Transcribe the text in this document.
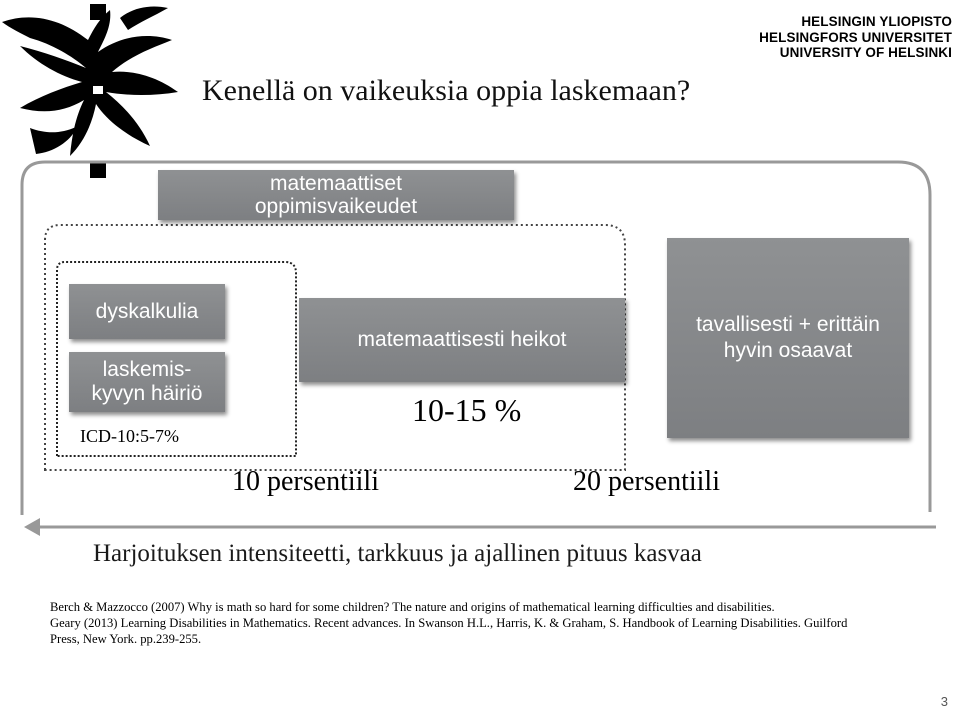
HELSINGIN YLIOPISTO
HELSINGFORS UNIVERSITET
UNIVERSITY OF HELSINKI
Kenellä on vaikeuksia oppia laskemaan?
matemaattiset
oppimisvaikeudet
dyskalkulia
laskemis-
kyvyn häiriö
matemaattisesti heikot
tavallisesti + erittäin
hyvin osaavat
ICD-10:5-7%
10-15 %
10 persentiili	20 persentiili
Harjoituksen intensiteetti, tarkkuus ja ajallinen pituus kasvaa
Berch & Mazzocco (2007) Why is math so hard for some children? The nature and origins of mathematical learning difficulties and disabilities.
Geary (2013) Learning Disabilities in Mathematics. Recent advances. In Swanson H.L., Harris, K. & Graham, S. Handbook of Learning Disabilities. Guilford
Press, New York. pp.239-255.
3
